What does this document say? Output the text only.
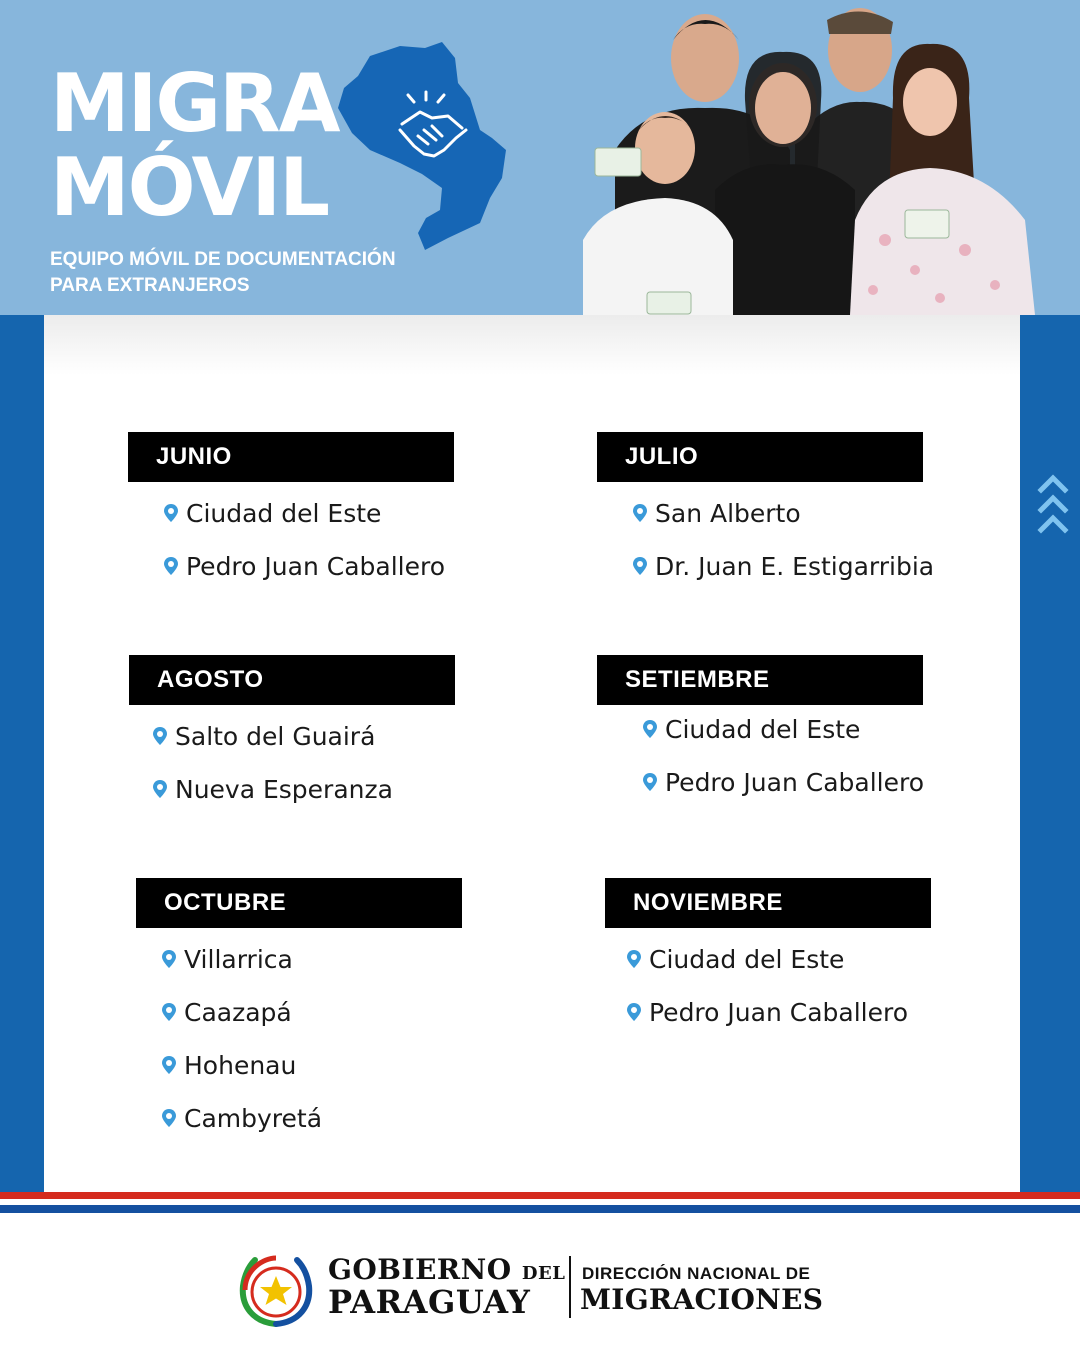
MIGRA
MÓVIL
EQUIPO MÓVIL DE DOCUMENTACIÓN
PARA EXTRANJEROS
JUNIO
Ciudad del Este
Pedro Juan Caballero
JULIO
San Alberto
Dr. Juan E. Estigarribia
AGOSTO
Salto del Guairá
Nueva Esperanza
SETIEMBRE
Ciudad del Este
Pedro Juan Caballero
OCTUBRE
Villarrica
Caazapá
Hohenau
Cambyretá
NOVIEMBRE
Ciudad del Este
Pedro Juan Caballero
GOBIERNO DEL
PARAGUAY
DIRECCIÓN NACIONAL DE
MIGRACIONES
